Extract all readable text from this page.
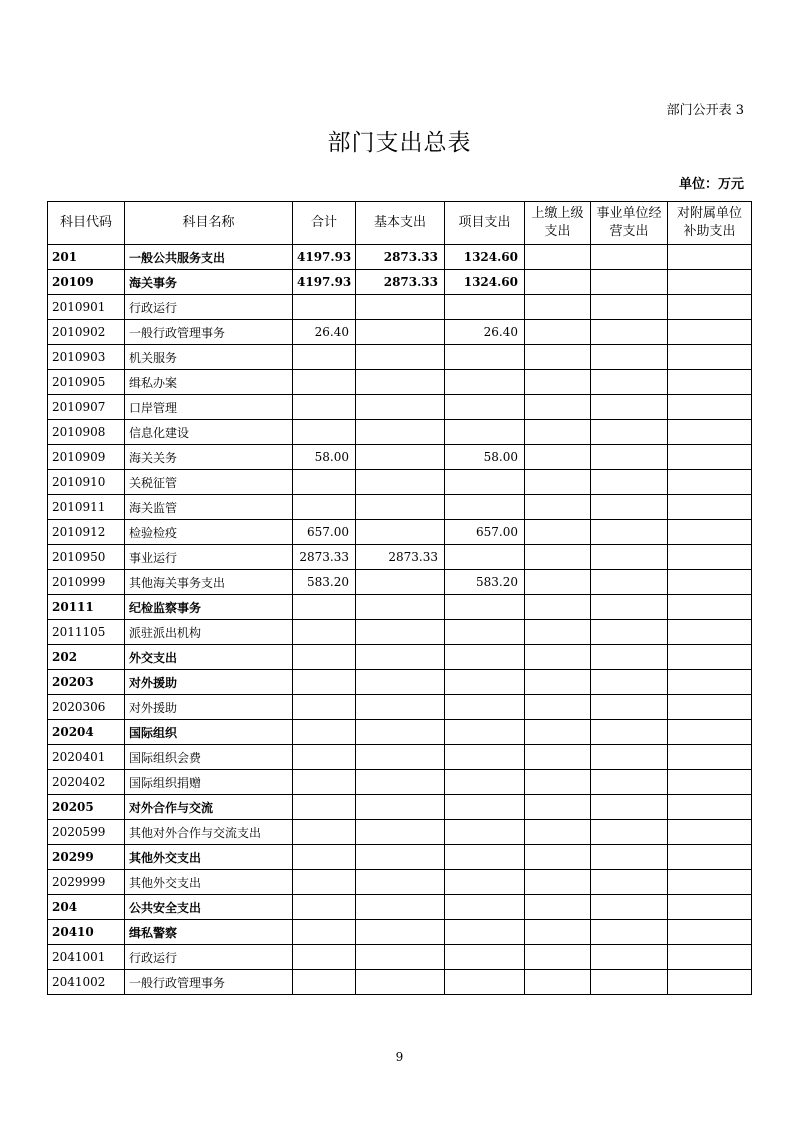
部门公开表 3
部门支出总表
单位：万元
科目代码	科目名称	合计	基本支出	项目支出	上缴上级支出	事业单位经营支出	对附属单位补助支出
201	一般公共服务支出	4197.93	2873.33	1324.60			
20109	海关事务	4197.93	2873.33	1324.60			
2010901	行政运行						
2010902	一般行政管理事务	26.40		26.40			
2010903	机关服务						
2010905	缉私办案						
2010907	口岸管理						
2010908	信息化建设						
2010909	海关关务	58.00		58.00			
2010910	关税征管						
2010911	海关监管						
2010912	检验检疫	657.00		657.00			
2010950	事业运行	2873.33	2873.33				
2010999	其他海关事务支出	583.20		583.20			
20111	纪检监察事务						
2011105	派驻派出机构						
202	外交支出						
20203	对外援助						
2020306	对外援助						
20204	国际组织						
2020401	国际组织会费						
2020402	国际组织捐赠						
20205	对外合作与交流						
2020599	其他对外合作与交流支出						
20299	其他外交支出						
2029999	其他外交支出						
204	公共安全支出						
20410	缉私警察						
2041001	行政运行						
2041002	一般行政管理事务						
9
